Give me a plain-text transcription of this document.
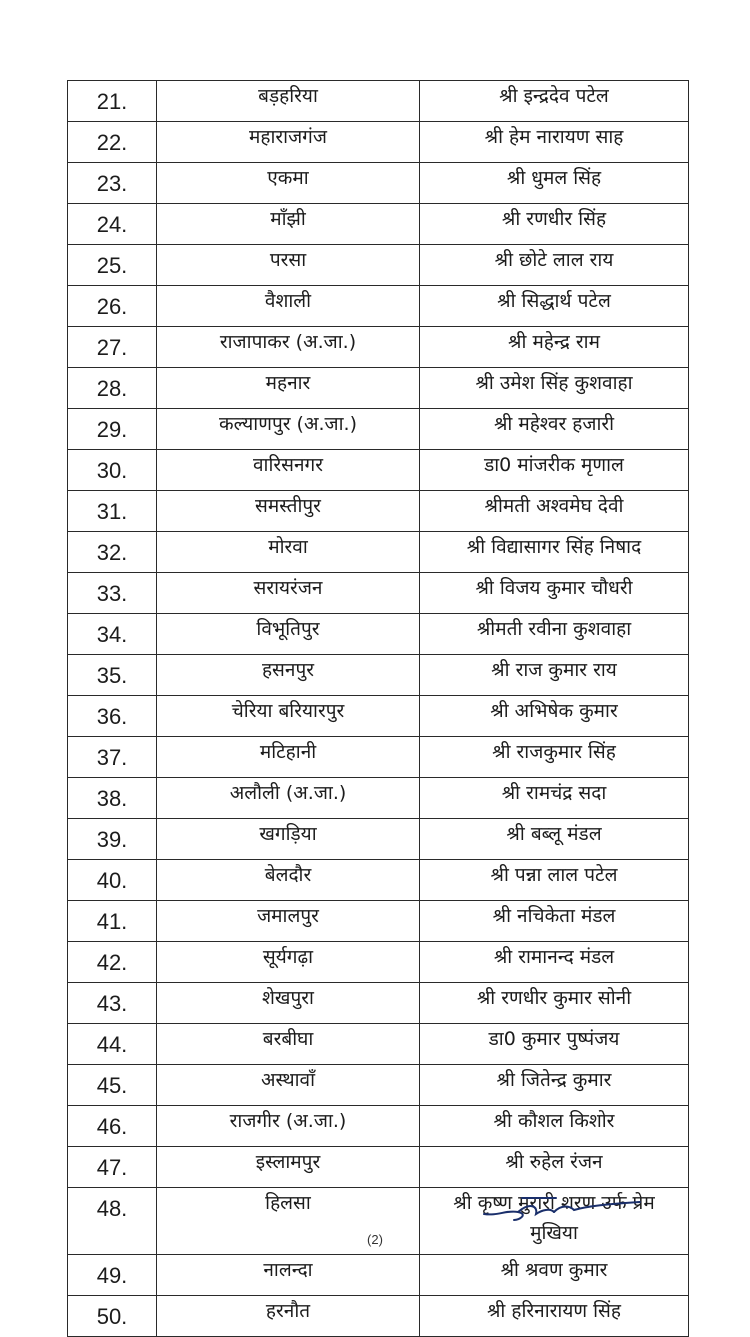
21.	बड़हरिया	श्री इन्द्रदेव पटेल
22.	महाराजगंज	श्री हेम नारायण साह
23.	एकमा	श्री धुमल सिंह
24.	माँझी	श्री रणधीर सिंह
25.	परसा	श्री छोटे लाल राय
26.	वैशाली	श्री सिद्धार्थ पटेल
27.	राजापाकर (अ.जा.)	श्री महेन्द्र राम
28.	महनार	श्री उमेश सिंह कुशवाहा
29.	कल्याणपुर (अ.जा.)	श्री महेश्वर हजारी
30.	वारिसनगर	डा0 मांजरीक मृणाल
31.	समस्तीपुर	श्रीमती अश्वमेघ देवी
32.	मोरवा	श्री विद्यासागर सिंह निषाद
33.	सरायरंजन	श्री विजय कुमार चौधरी
34.	विभूतिपुर	श्रीमती रवीना कुशवाहा
35.	हसनपुर	श्री राज कुमार राय
36.	चेरिया बरियारपुर	श्री अभिषेक कुमार
37.	मटिहानी	श्री राजकुमार सिंह
38.	अलौली (अ.जा.)	श्री रामचंद्र सदा
39.	खगड़िया	श्री बब्लू मंडल
40.	बेलदौर	श्री पन्ना लाल पटेल
41.	जमालपुर	श्री नचिकेता मंडल
42.	सूर्यगढ़ा	श्री रामानन्द मंडल
43.	शेखपुरा	श्री रणधीर कुमार सोनी
44.	बरबीघा	डा0 कुमार पुष्पंजय
45.	अस्थावाँ	श्री जितेन्द्र कुमार
46.	राजगीर (अ.जा.)	श्री कौशल किशोर
47.	इस्लामपुर	श्री रुहेल रंजन
48.	हिलसा	श्री कृष्ण मुरारी शरण उर्फ प्रेम मुखिया
49.	नालन्दा	श्री श्रवण कुमार
50.	हरनौत	श्री हरिनारायण सिंह
(2)
